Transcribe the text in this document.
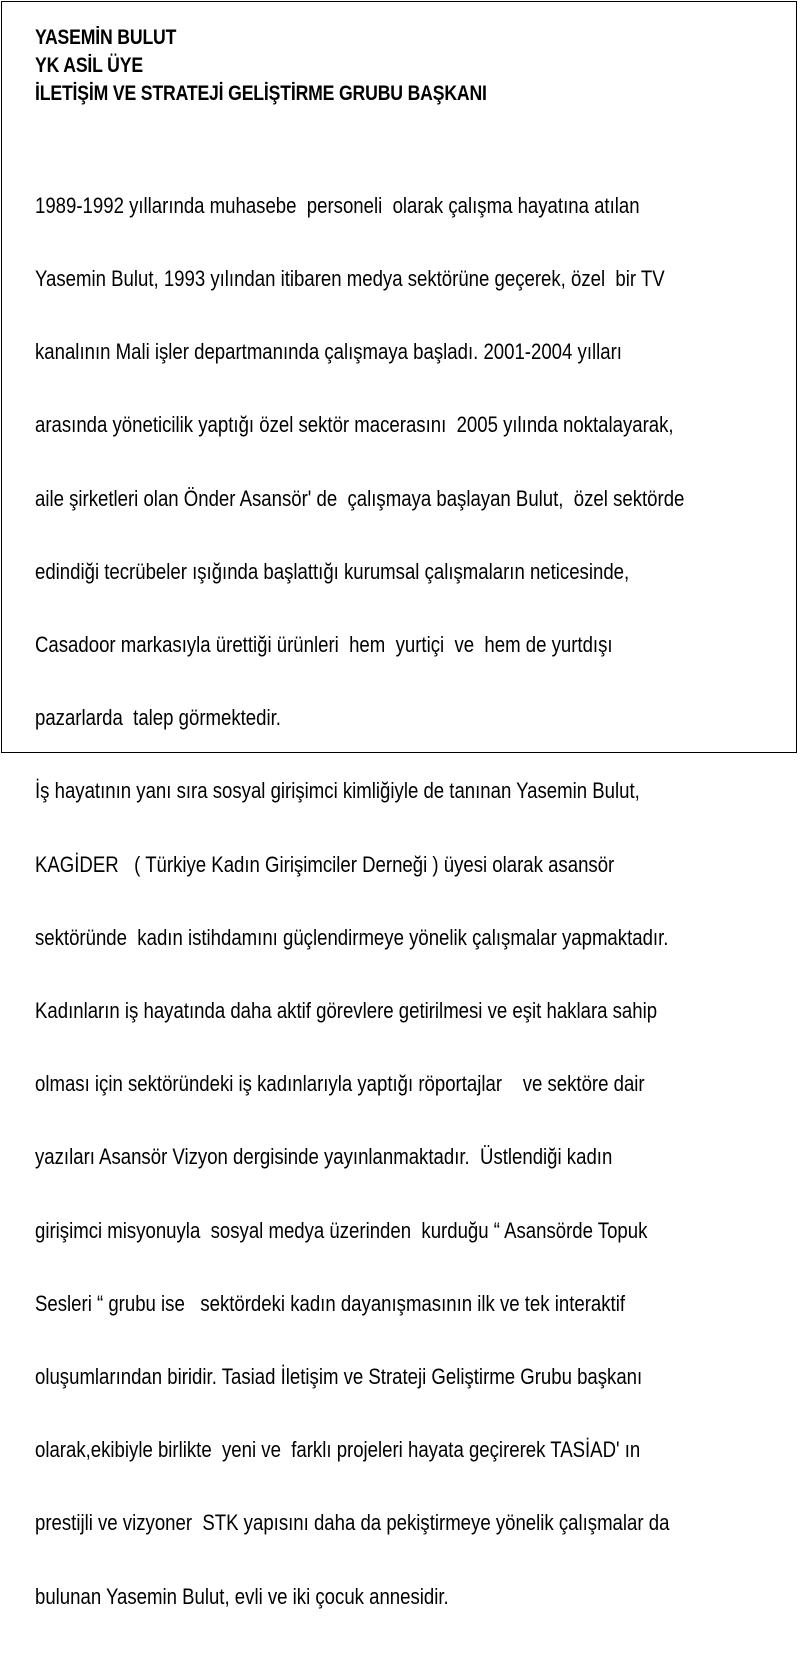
YASEMİN BULUT
YK ASİL ÜYE
İLETİŞİM VE STRATEJİ GELİŞTİRME GRUBU BAŞKANI

1989-1992 yıllarında muhasebe  personeli  olarak çalışma hayatına atılan

Yasemin Bulut, 1993 yılından itibaren medya sektörüne geçerek, özel  bir TV

kanalının Mali işler departmanında çalışmaya başladı. 2001-2004 yılları

arasında yöneticilik yaptığı özel sektör macerasını  2005 yılında noktalayarak,

aile şirketleri olan Önder Asansör' de  çalışmaya başlayan Bulut,  özel sektörde

edindiği tecrübeler ışığında başlattığı kurumsal çalışmaların neticesinde,

Casadoor markasıyla ürettiği ürünleri  hem  yurtiçi  ve  hem de yurtdışı

pazarlarda  talep görmektedir.

İş hayatının yanı sıra sosyal girişimci kimliğiyle de tanınan Yasemin Bulut,

KAGİDER   ( Türkiye Kadın Girişimciler Derneği ) üyesi olarak asansör

sektöründe  kadın istihdamını güçlendirmeye yönelik çalışmalar yapmaktadır.

Kadınların iş hayatında daha aktif görevlere getirilmesi ve eşit haklara sahip

olması için sektöründeki iş kadınlarıyla yaptığı röportajlar    ve sektöre dair

yazıları Asansör Vizyon dergisinde yayınlanmaktadır.  Üstlendiği kadın

girişimci misyonuyla  sosyal medya üzerinden  kurduğu “ Asansörde Topuk

Sesleri “ grubu ise   sektördeki kadın dayanışmasının ilk ve tek interaktif

oluşumlarından biridir. Tasiad İletişim ve Strateji Geliştirme Grubu başkanı

olarak,ekibiyle birlikte  yeni ve  farklı projeleri hayata geçirerek TASİAD' ın

prestijli ve vizyoner  STK yapısını daha da pekiştirmeye yönelik çalışmalar da

bulunan Yasemin Bulut, evli ve iki çocuk annesidir.
